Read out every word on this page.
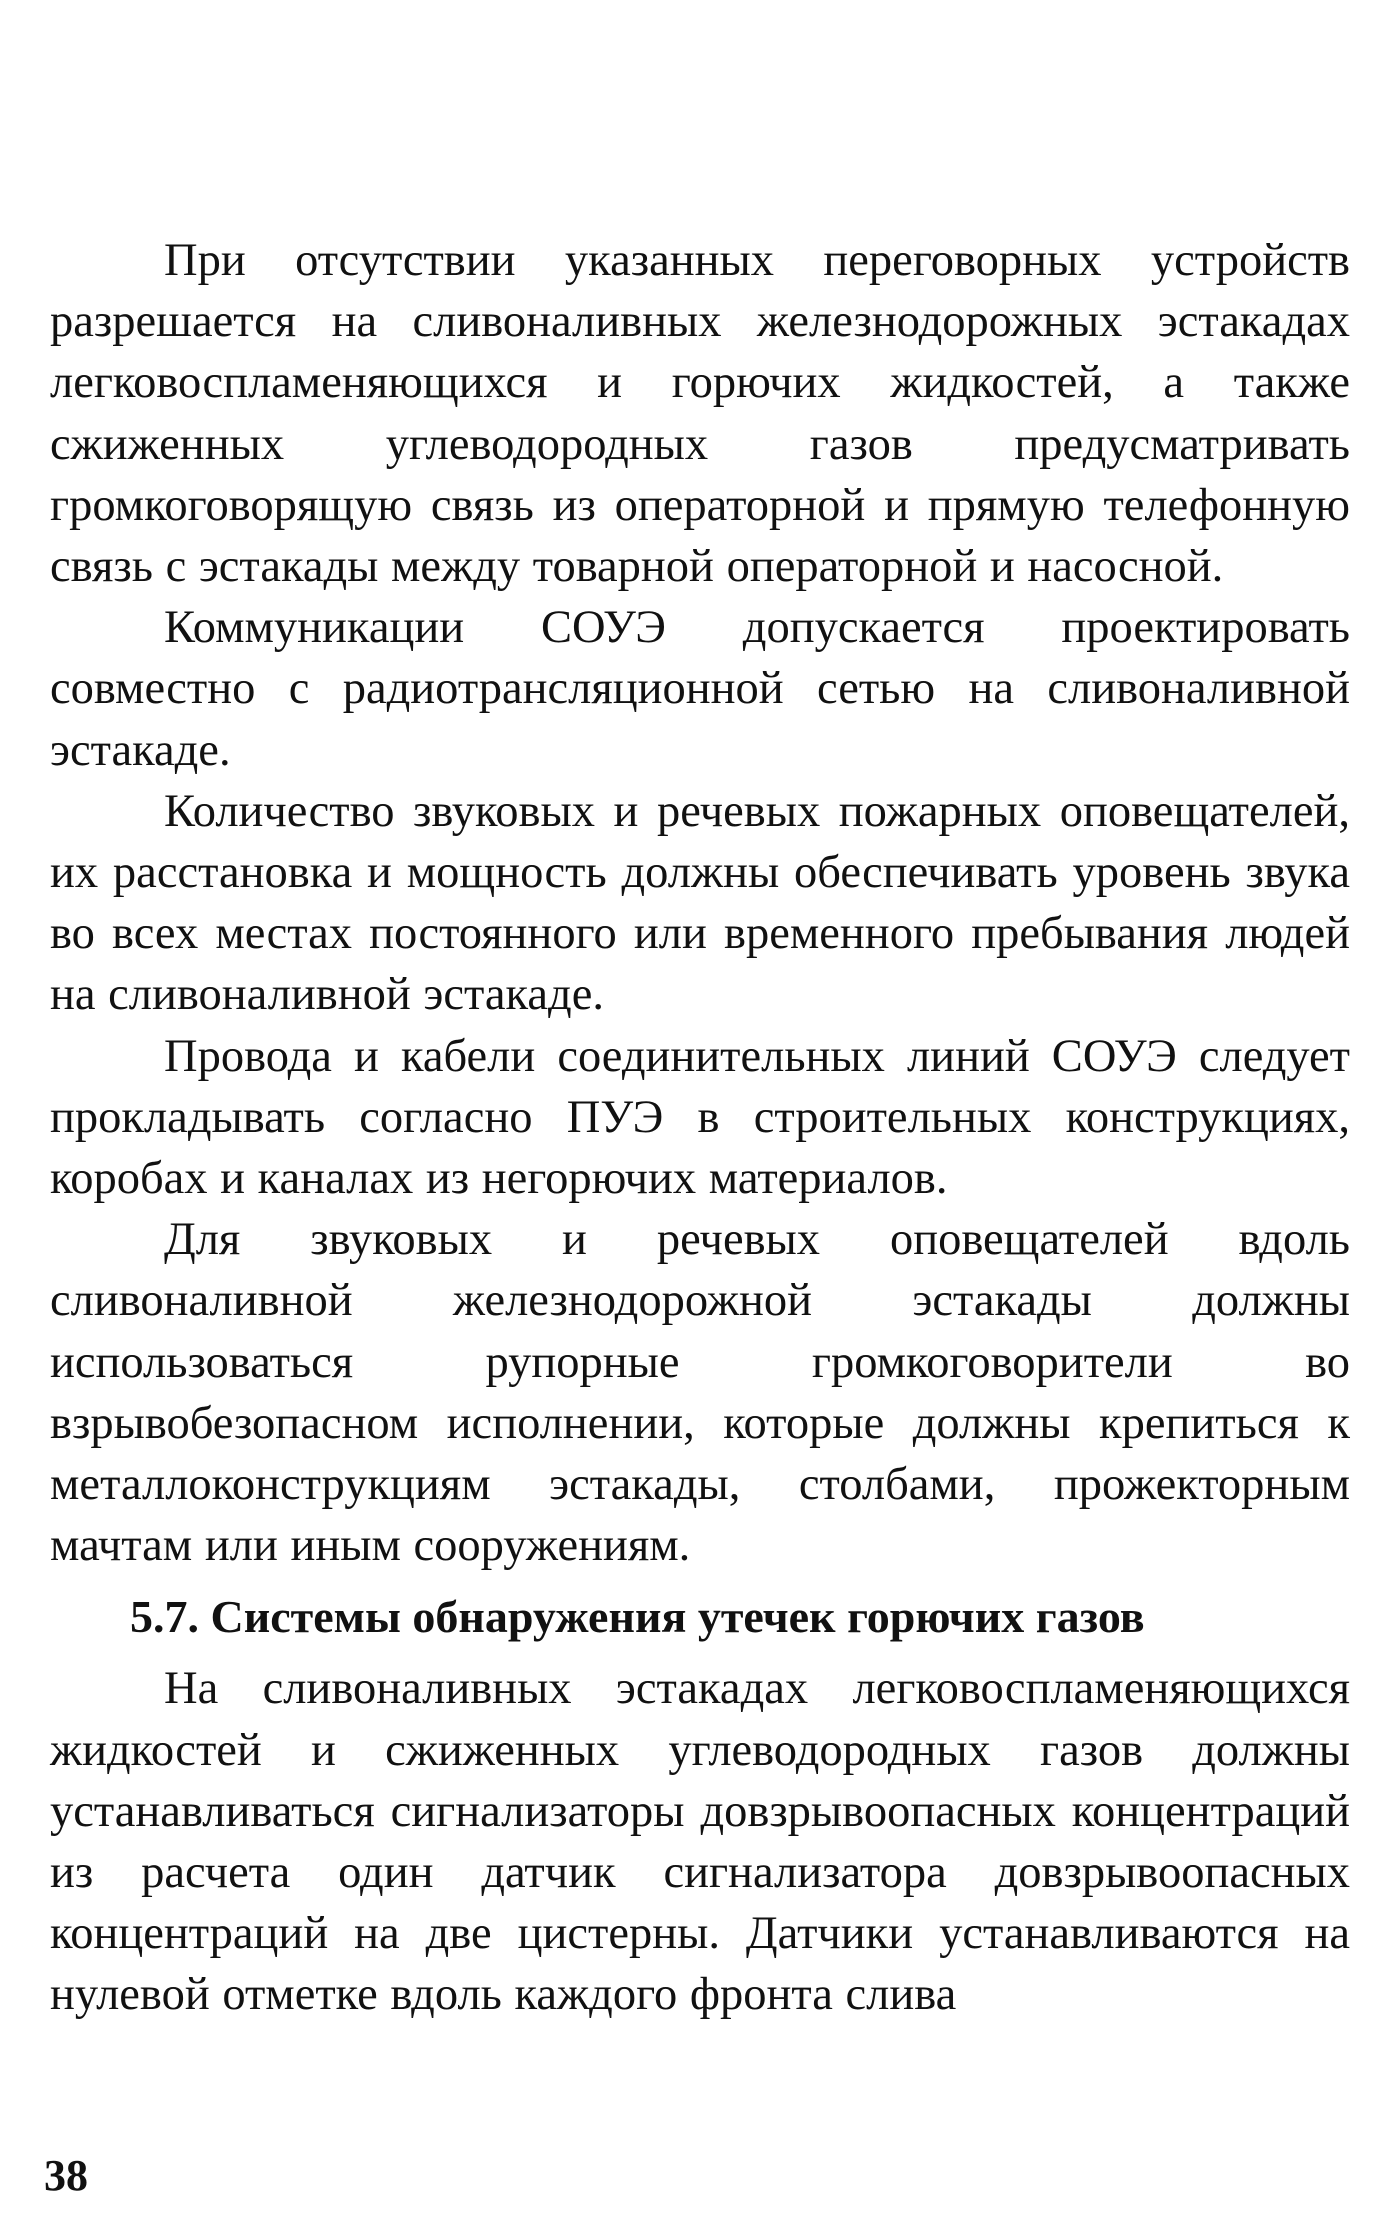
При отсутствии указанных переговорных устройств разрешается на сливоналивных железнодорожных эстакадах легковоспламеняющихся и горючих жидкостей, а также сжиженных углеводородных газов предусматривать громкоговорящую связь из операторной и прямую телефонную связь с эстакады между товарной операторной и насосной.

Коммуникации СОУЭ допускается проектировать совместно с радиотрансляционной сетью на сливоналивной эстакаде.

Количество звуковых и речевых пожарных оповещателей, их расстановка и мощность должны обеспечивать уровень звука во всех местах постоянного или временного пребывания людей на сливоналивной эстакаде.

Провода и кабели соединительных линий СОУЭ следует прокладывать согласно ПУЭ в строительных конструкциях, коробах и каналах из негорючих материалов.

Для звуковых и речевых оповещателей вдоль сливоналивной железнодорожной эстакады должны использоваться рупорные громкоговорители во взрывобезопасном исполнении, которые должны крепиться к металлоконструкциям эстакады, столбами, прожекторным мачтам или иным сооружениям.

5.7. Системы обнаружения утечек горючих газов

На сливоналивных эстакадах легковоспламеняющихся жидкостей и сжиженных углеводородных газов должны устанавливаться сигнализаторы довзрывоопасных концентраций из расчета один датчик сигнализатора довзрывоопасных концентраций на две цистерны. Датчики устанавливаются на нулевой отметке вдоль каждого фронта слива

38
